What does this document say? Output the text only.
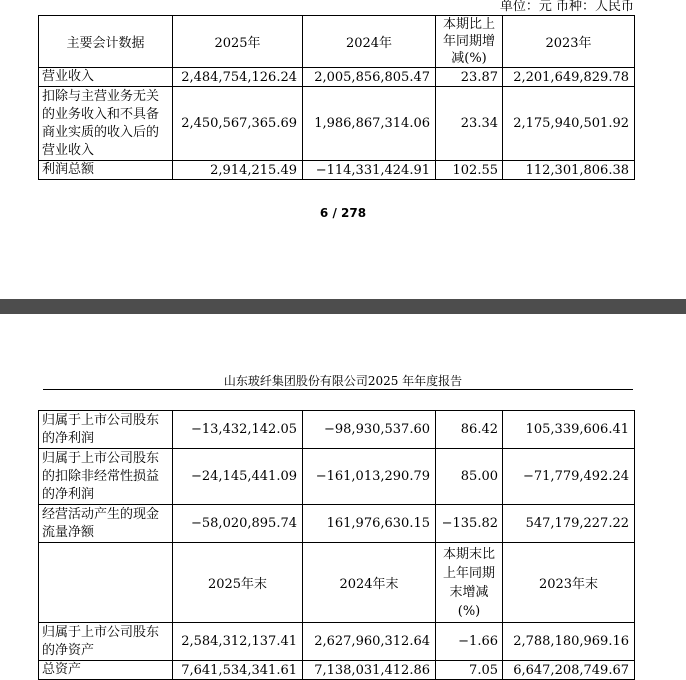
单位：元 币种：人民币
主要会计数据	2025年	2024年	本期比上年同期增减(%)	2023年
营业收入	2,484,754,126.24	2,005,856,805.47	23.87	2,201,649,829.78
扣除与主营业务无关的业务收入和不具备商业实质的收入后的营业收入	2,450,567,365.69	1,986,867,314.06	23.34	2,175,940,501.92
利润总额	2,914,215.49	−114,331,424.91	102.55	112,301,806.38
6 / 278
山东玻纤集团股份有限公司2025 年年度报告
归属于上市公司股东的净利润	−13,432,142.05	−98,930,537.60	86.42	105,339,606.41
归属于上市公司股东的扣除非经常性损益的净利润	−24,145,441.09	−161,013,290.79	85.00	−71,779,492.24
经营活动产生的现金流量净额	−58,020,895.74	161,976,630.15	−135.82	547,179,227.22
	2025年末	2024年末	本期末比上年同期末增减(%)	2023年末
归属于上市公司股东的净资产	2,584,312,137.41	2,627,960,312.64	−1.66	2,788,180,969.16
总资产	7,641,534,341.61	7,138,031,412.86	7.05	6,647,208,749.67
